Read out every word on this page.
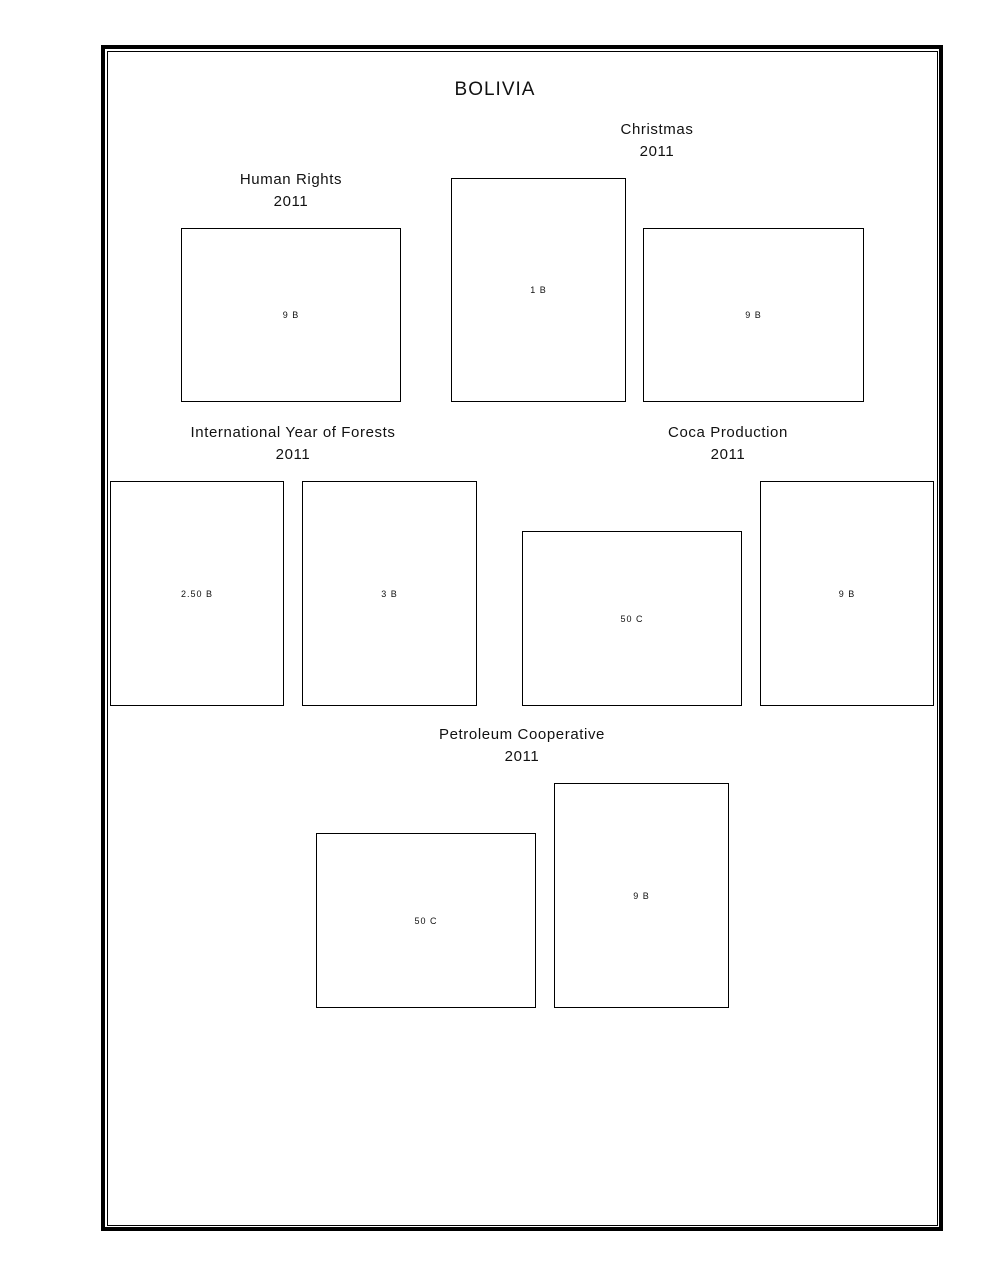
BOLIVIA
Human Rights
2011
9 B
Christmas
2011
1 B
9 B
International Year of Forests
2011
2.50 B	3 B
Coca Production
2011
50 C
9 B
Petroleum Cooperative
2011
50 C
9 B
